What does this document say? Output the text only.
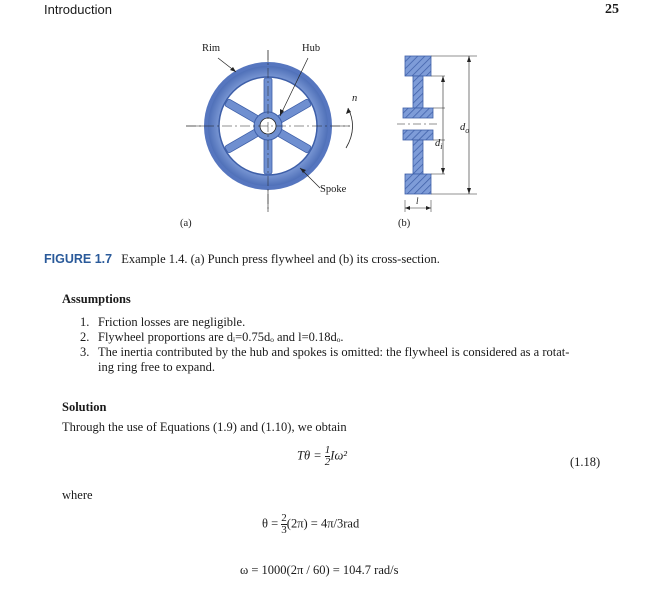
Introduction	25
Rim	Hub
Spoke
n
(a)
$d_o$
$d_i$
l
(b)
FIGURE 1.7 Example 1.4. (a) Punch press flywheel and (b) its cross-section.
Assumptions
1. Friction losses are negligible.
2. Flywheel proportions are dᵢ=0.75dₒ and l=0.18dₒ.
3. The inertia contributed by the hub and spokes is omitted: the flywheel is considered as a rotat-
ing ring free to expand.
Solution
Through the use of Equations (1.9) and (1.10), we obtain
$T\theta = \frac{1}{2} I\omega^2$	(1.18)
where
$\theta = \frac{2}{3} (2\pi) = 4\pi/3rad$
ω = 1000(2π / 60) = 104.7 rad/s
